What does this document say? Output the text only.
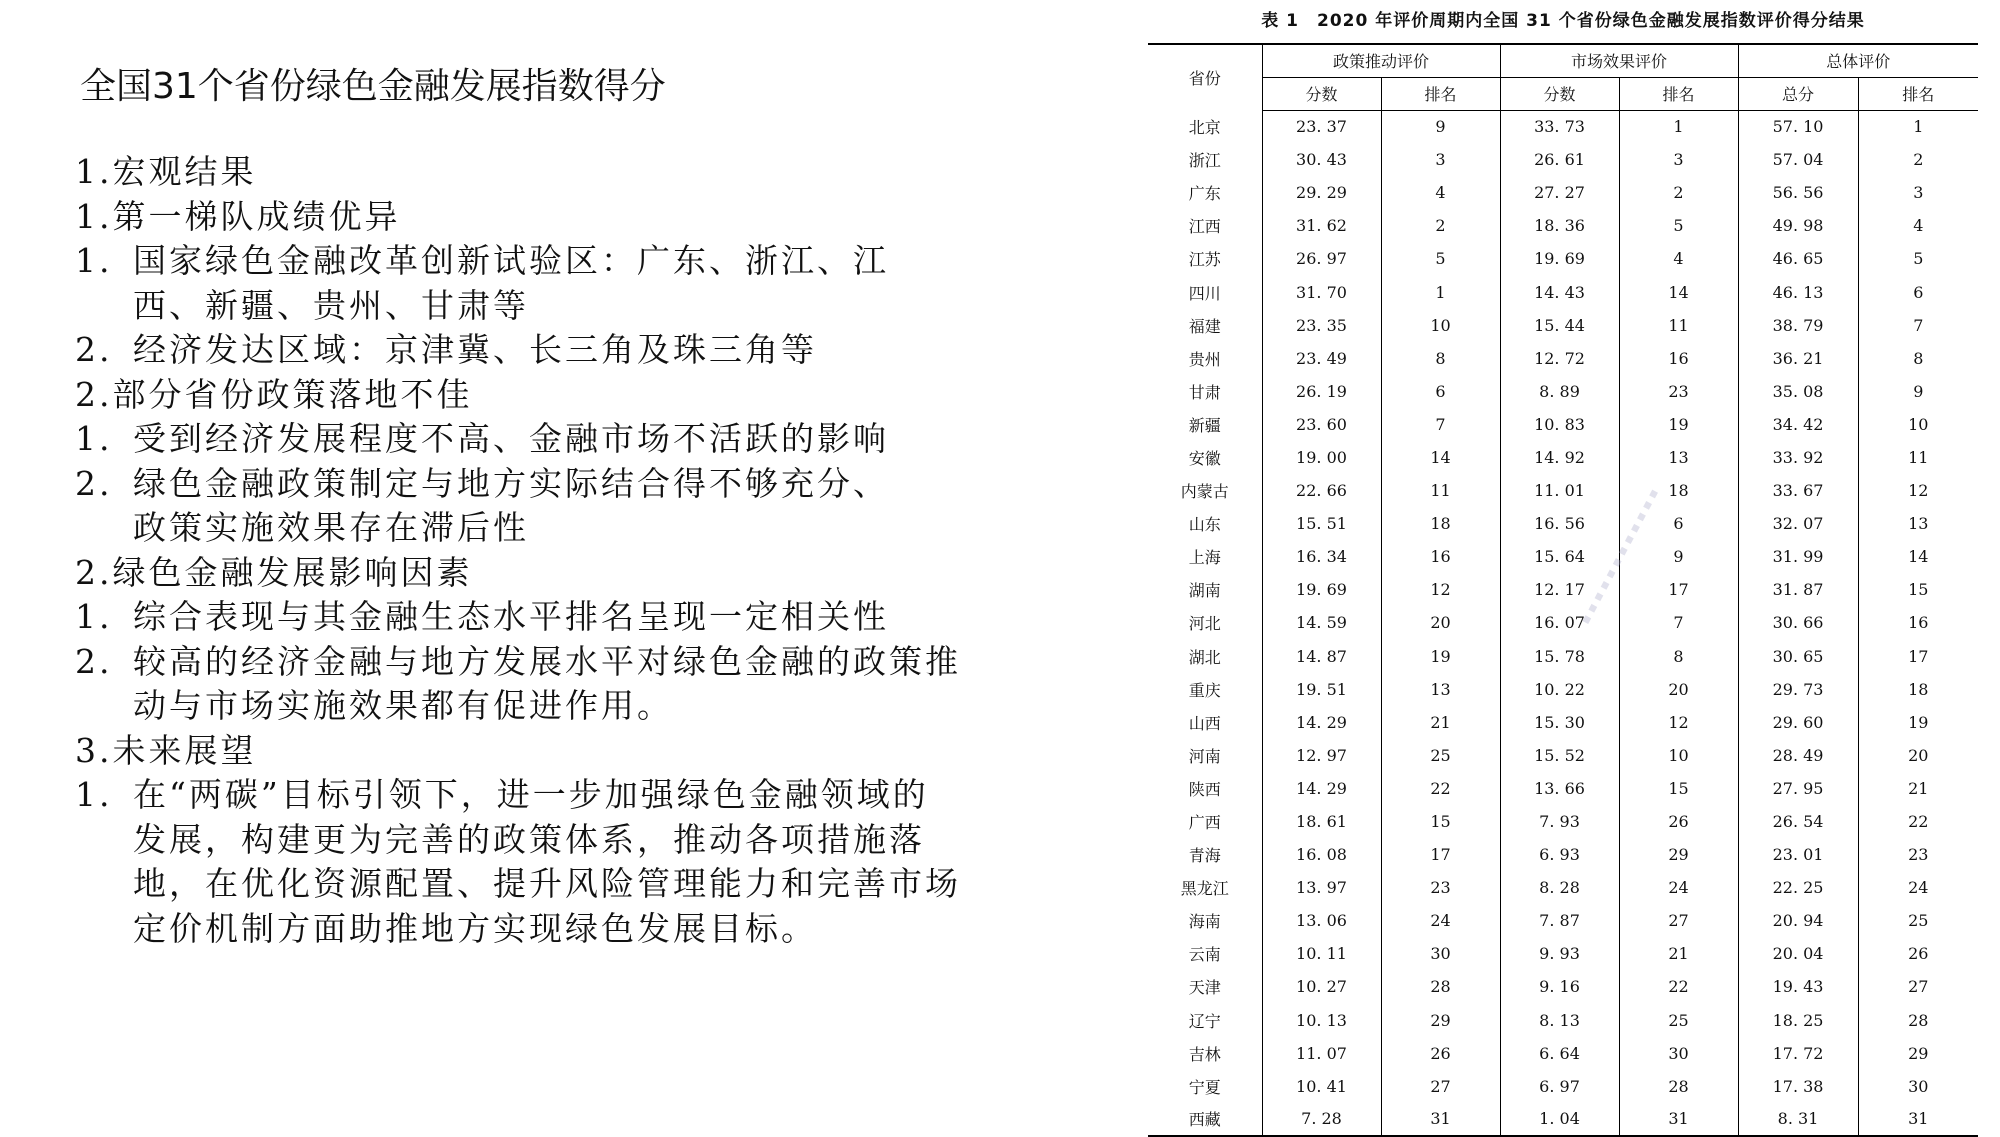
全国31个省份绿色金融发展指数得分
1. 宏观结果
1. 第一梯队成绩优异
1. 国家绿色金融改革创新试验区：广东、浙江、江西、新疆、贵州、甘肃等
2. 经济发达区域：京津冀、长三角及珠三角等
2. 部分省份政策落地不佳
1. 受到经济发展程度不高、金融市场不活跃的影响
2. 绿色金融政策制定与地方实际结合得不够充分、政策实施效果存在滞后性
2. 绿色金融发展影响因素
1. 综合表现与其金融生态水平排名呈现一定相关性
2. 较高的经济金融与地方发展水平对绿色金融的政策推动与市场实施效果都有促进作用。
3. 未来展望
1. 在“两碳”目标引领下，进一步加强绿色金融领域的发展，构建更为完善的政策体系，推动各项措施落地，在优化资源配置、提升风险管理能力和完善市场定价机制方面助推地方实现绿色发展目标。
表 1　2020 年评价周期内全国 31 个省份绿色金融发展指数评价得分结果
省份	政策推动评价		市场效果评价		总体评价	
	分数	排名	分数	排名	总分	排名
北京	23. 37	9	33. 73	1	57. 10	1
浙江	30. 43	3	26. 61	3	57. 04	2
广东	29. 29	4	27. 27	2	56. 56	3
江西	31. 62	2	18. 36	5	49. 98	4
江苏	26. 97	5	19. 69	4	46. 65	5
四川	31. 70	1	14. 43	14	46. 13	6
福建	23. 35	10	15. 44	11	38. 79	7
贵州	23. 49	8	12. 72	16	36. 21	8
甘肃	26. 19	6	8. 89	23	35. 08	9
新疆	23. 60	7	10. 83	19	34. 42	10
安徽	19. 00	14	14. 92	13	33. 92	11
内蒙古	22. 66	11	11. 01	18	33. 67	12
山东	15. 51	18	16. 56	6	32. 07	13
上海	16. 34	16	15. 64	9	31. 99	14
湖南	19. 69	12	12. 17	17	31. 87	15
河北	14. 59	20	16. 07	7	30. 66	16
湖北	14. 87	19	15. 78	8	30. 65	17
重庆	19. 51	13	10. 22	20	29. 73	18
山西	14. 29	21	15. 30	12	29. 60	19
河南	12. 97	25	15. 52	10	28. 49	20
陕西	14. 29	22	13. 66	15	27. 95	21
广西	18. 61	15	7. 93	26	26. 54	22
青海	16. 08	17	6. 93	29	23. 01	23
黑龙江	13. 97	23	8. 28	24	22. 25	24
海南	13. 06	24	7. 87	27	20. 94	25
云南	10. 11	30	9. 93	21	20. 04	26
天津	10. 27	28	9. 16	22	19. 43	27
辽宁	10. 13	29	8. 13	25	18. 25	28
吉林	11. 07	26	6. 64	30	17. 72	29
宁夏	10. 41	27	6. 97	28	17. 38	30
西藏	7. 28	31	1. 04	31	8. 31	31
▪ ▪ ▪ ▪ ▪ ▪ ▪ ▪ ▪ ▪ ▪ ▪
